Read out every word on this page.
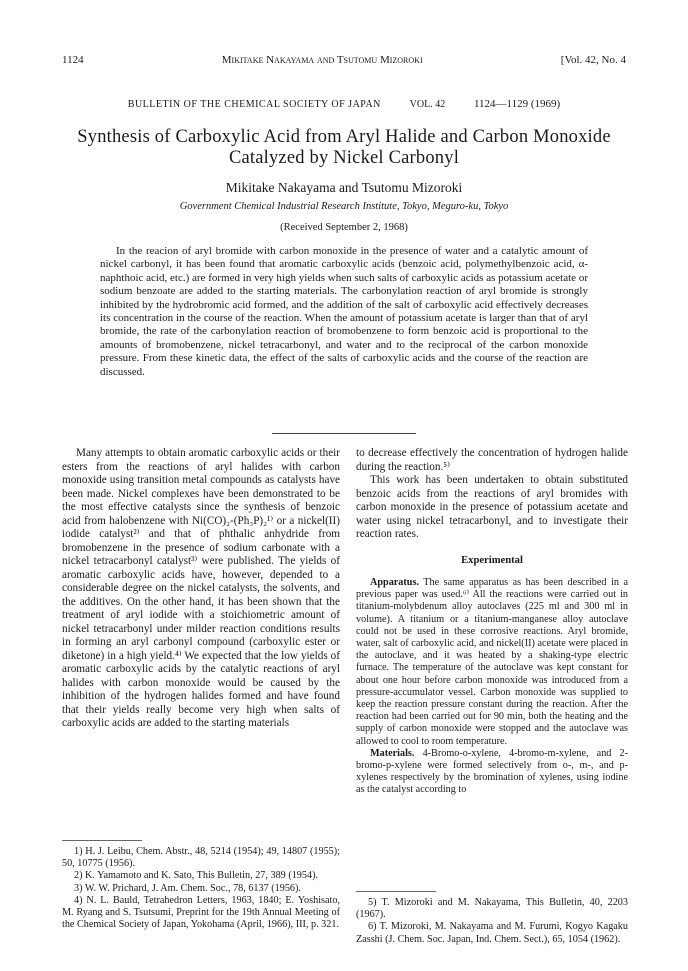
1124	Mikitake Nakayama and Tsutomu Mizoroki	[Vol. 42, No. 4
BULLETIN OF THE CHEMICAL SOCIETY OF JAPAN	VOL. 42	1124—1129 (1969)
Synthesis of Carboxylic Acid from Aryl Halide and Carbon Monoxide
Catalyzed by Nickel Carbonyl
Mikitake Nakayama and Tsutomu Mizoroki
Government Chemical Industrial Research Institute, Tokyo, Meguro-ku, Tokyo
(Received September 2, 1968)

In the reacion of aryl bromide with carbon monoxide in the presence of water and a catalytic amount of nickel carbonyl, it has been found that aromatic carboxylic acids (benzoic acid, polymethylbenzoic acid, α-naphthoic acid, etc.) are formed in very high yields when such salts of carboxylic acids as potassium acetate or sodium benzoate are added to the starting materials. The carbonylation reaction of aryl bromide is strongly inhibited by the hydrobromic acid formed, and the addition of the salt of carboxylic acid effectively decreases its concentration in the course of the reaction. When the amount of potassium acetate is larger than that of aryl bromide, the rate of the carbonylation reaction of bromobenzene to form benzoic acid is proportional to the amounts of bromobenzene, nickel tetracarbonyl, and water and to the reciprocal of the carbon monoxide pressure. From these kinetic data, the effect of the salts of carboxylic acids and the course of the reaction are discussed.

Many attempts to obtain aromatic carboxylic acids or their esters from the reactions of aryl halides with carbon monoxide using transition metal compounds as catalysts have been made. Nickel complexes have been demonstrated to be the most effective catalysts since the synthesis of benzoic acid from halobenzene with Ni(CO)₂-(Ph₃P)₂¹⁾ or a nickel(II) iodide catalyst²⁾ and that of phthalic anhydride from bromobenzene in the presence of sodium carbonate with a nickel tetracarbonyl catalyst³⁾ were published. The yields of aromatic carboxylic acids have, however, depended to a considerable degree on the nickel catalysts, the solvents, and the additives. On the other hand, it has been shown that the treatment of aryl iodide with a stoichiometric amount of nickel tetracarbonyl under milder reaction conditions results in forming an aryl carbonyl compound (carboxylic ester or diketone) in a high yield.⁴⁾ We expected that the low yields of aromatic carboxylic acids by the catalytic reactions of aryl halides with carbon monoxide would be caused by the inhibition of the hydrogen halides formed and have found that their yields really become very high when salts of carboxylic acids are added to the starting materials

1) H. J. Leibu, Chem. Abstr., 48, 5214 (1954); 49, 14807 (1955); 50, 10775 (1956).

2) K. Yamamoto and K. Sato, This Bulletin, 27, 389 (1954).

3) W. W. Prichard, J. Am. Chem. Soc., 78, 6137 (1956).

4) N. L. Bauld, Tetrahedron Letters, 1963, 1840; E. Yoshisato, M. Ryang and S. Tsutsumi, Preprint for the 19th Annual Meeting of the Chemical Society of Japan, Yokohama (April, 1966), III, p. 321.

to decrease effectively the concentration of hydrogen halide during the reaction.⁵⁾

This work has been undertaken to obtain substituted benzoic acids from the reactions of aryl bromides with carbon monoxide in the presence of potassium acetate and water using nickel tetracarbonyl, and to investigate their reaction rates.

Experimental

Apparatus. The same apparatus as has been described in a previous paper was used.⁶⁾ All the reactions were carried out in titanium-molybdenum alloy autoclaves (225 ml and 300 ml in volume). A titanium or a titanium-manganese alloy autoclave could not be used in these corrosive reactions. Aryl bromide, water, salt of carboxylic acid, and nickel(II) acetate were placed in the autoclave, and it was heated by a shaking-type electric furnace. The temperature of the autoclave was kept constant for about one hour before carbon monoxide was introduced from a pressure-accumulator vessel. Carbon monoxide was supplied to keep the reaction pressure constant during the reaction. After the reaction had been carried out for 90 min, both the heating and the supply of carbon monoxide were stopped and the autoclave was allowed to cool to room temperature.

Materials. 4-Bromo-o-xylene, 4-bromo-m-xylene, and 2-bromo-p-xylene were formed selectively from o-, m-, and p-xylenes respectively by the bromination of xylenes, using iodine as the catalyst according to

5) T. Mizoroki and M. Nakayama, This Bulletin, 40, 2203 (1967).

6) T. Mizoroki, M. Nakayama and M. Furumi, Kogyo Kagaku Zasshi (J. Chem. Soc. Japan, Ind. Chem. Sect.), 65, 1054 (1962).
